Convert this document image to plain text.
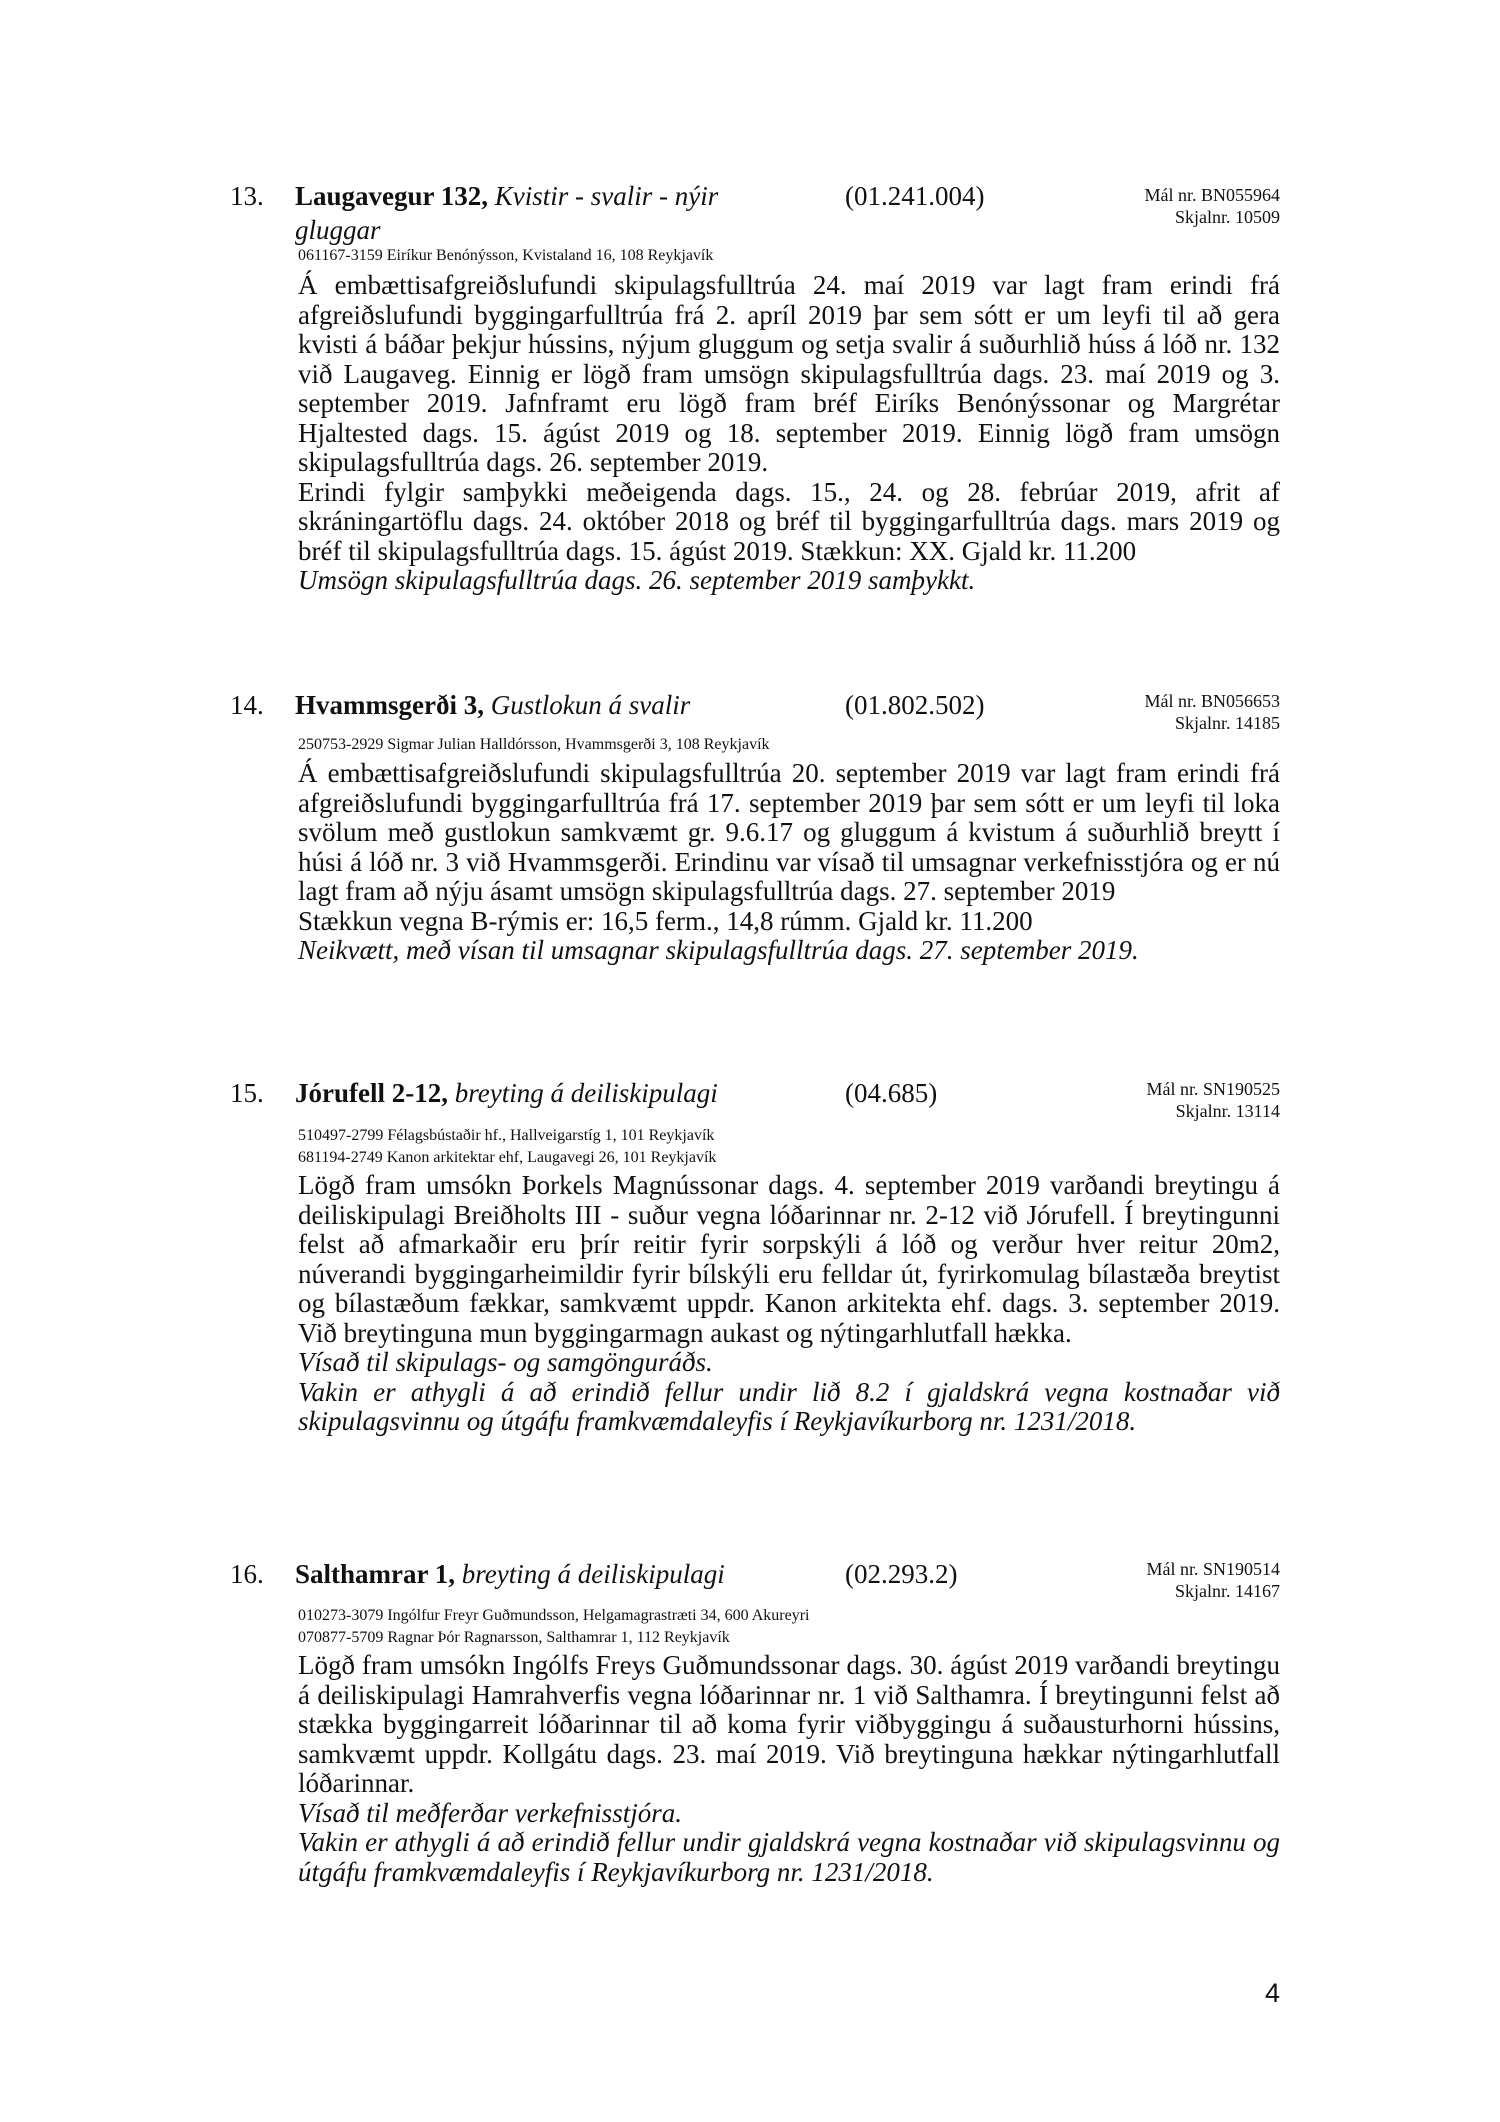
13. Laugavegur 132, Kvistir - svalir - nýir
gluggar
(01.241.004)	Mál nr. BN055964
Skjalnr. 10509
061167-3159 Eiríkur Benónýsson, Kvistaland 16, 108 Reykjavík

Á embættisafgreiðslufundi skipulagsfulltrúa 24. maí 2019 var lagt fram erindi frá afgreiðslufundi byggingarfulltrúa frá 2. apríl 2019 þar sem sótt er um leyfi til að gera kvisti á báðar þekjur hússins, nýjum gluggum og setja svalir á suðurhlið húss á lóð nr. 132 við Laugaveg. Einnig er lögð fram umsögn skipulagsfulltrúa dags. 23. maí 2019 og 3. september 2019. Jafnframt eru lögð fram bréf Eiríks Benónýssonar og Margrétar Hjaltested dags. 15. ágúst 2019 og 18. september 2019. Einnig lögð fram umsögn skipulagsfulltrúa dags. 26. september 2019.

Erindi fylgir samþykki meðeigenda dags. 15., 24. og 28. febrúar 2019, afrit af skráningartöflu dags. 24. október 2018 og bréf til byggingarfulltrúa dags. mars 2019 og bréf til skipulagsfulltrúa dags. 15. ágúst 2019. Stækkun: XX. Gjald kr. 11.200

Umsögn skipulagsfulltrúa dags. 26. september 2019 samþykkt.

14. Hvammsgerði 3, Gustlokun á svalir	(01.802.502)	Mál nr. BN056653
Skjalnr. 14185
250753-2929 Sigmar Julian Halldórsson, Hvammsgerði 3, 108 Reykjavík

Á embættisafgreiðslufundi skipulagsfulltrúa 20. september 2019 var lagt fram erindi frá afgreiðslufundi byggingarfulltrúa frá 17. september 2019 þar sem sótt er um leyfi til loka svölum með gustlokun samkvæmt gr. 9.6.17 og gluggum á kvistum á suðurhlið breytt í húsi á lóð nr. 3 við Hvammsgerði. Erindinu var vísað til umsagnar verkefnisstjóra og er nú lagt fram að nýju ásamt umsögn skipulagsfulltrúa dags. 27. september 2019

Stækkun vegna B-rýmis er: 16,5 ferm., 14,8 rúmm. Gjald kr. 11.200

Neikvætt, með vísan til umsagnar skipulagsfulltrúa dags. 27. september 2019.

15. Jórufell 2-12, breyting á deiliskipulagi	(04.685)	Mál nr. SN190525
Skjalnr. 13114
510497-2799 Félagsbústaðir hf., Hallveigarstíg 1, 101 Reykjavík
681194-2749 Kanon arkitektar ehf, Laugavegi 26, 101 Reykjavík

Lögð fram umsókn Þorkels Magnússonar dags. 4. september 2019 varðandi breytingu á deiliskipulagi Breiðholts III - suður vegna lóðarinnar nr. 2-12 við Jórufell. Í breytingunni felst að afmarkaðir eru þrír reitir fyrir sorpskýli á lóð og verður hver reitur 20m2, núverandi byggingarheimildir fyrir bílskýli eru felldar út, fyrirkomulag bílastæða breytist og bílastæðum fækkar, samkvæmt uppdr. Kanon arkitekta ehf. dags. 3. september 2019. Við breytinguna mun byggingarmagn aukast og nýtingarhlutfall hækka.

Vísað til skipulags- og samgönguráðs.

Vakin er athygli á að erindið fellur undir lið 8.2 í gjaldskrá vegna kostnaðar við skipulagsvinnu og útgáfu framkvæmdaleyfis í Reykjavíkurborg nr. 1231/2018.

16. Salthamrar 1, breyting á deiliskipulagi	(02.293.2)	Mál nr. SN190514
Skjalnr. 14167
010273-3079 Ingólfur Freyr Guðmundsson, Helgamagrastræti 34, 600 Akureyri
070877-5709 Ragnar Þór Ragnarsson, Salthamrar 1, 112 Reykjavík

Lögð fram umsókn Ingólfs Freys Guðmundssonar dags. 30. ágúst 2019 varðandi breytingu á deiliskipulagi Hamrahverfis vegna lóðarinnar nr. 1 við Salthamra. Í breytingunni felst að stækka byggingarreit lóðarinnar til að koma fyrir viðbyggingu á suðausturhorni hússins, samkvæmt uppdr. Kollgátu dags. 23. maí 2019. Við breytinguna hækkar nýtingarhlutfall lóðarinnar.

Vísað til meðferðar verkefnisstjóra.

Vakin er athygli á að erindið fellur undir gjaldskrá vegna kostnaðar við skipulagsvinnu og útgáfu framkvæmdaleyfis í Reykjavíkurborg nr. 1231/2018.

4
